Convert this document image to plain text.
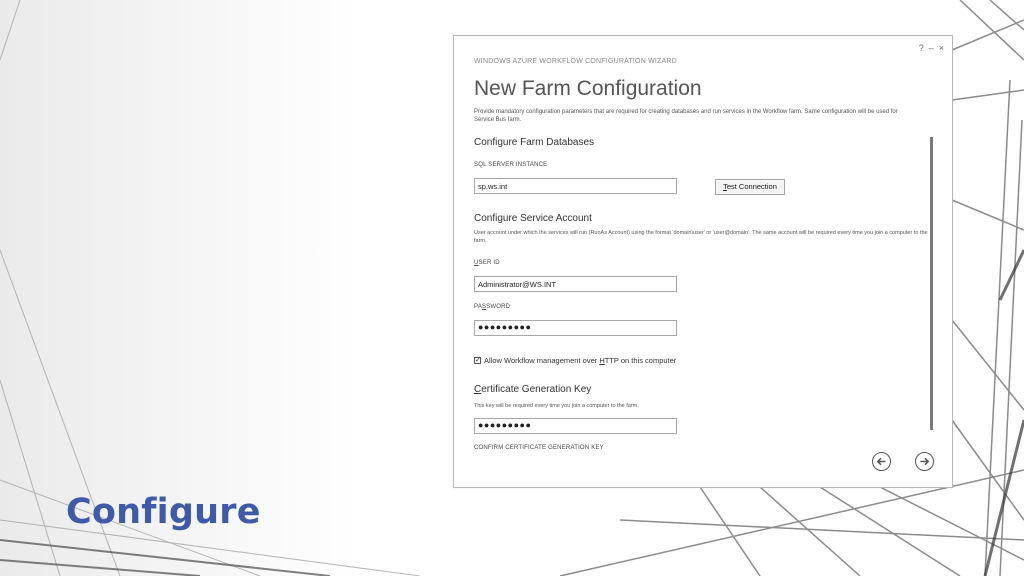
Configure
? – ×
WINDOWS AZURE WORKFLOW CONFIGURATION WIZARD
New Farm Configuration
Provide mandatory configuration parameters that are required for creating databases and run services in the Workflow farm. Same configuration will be used for Service Bus farm.
Configure Farm Databases
SQL SERVER INSTANCE
sp.ws.int	Test Connection
Configure Service Account
User account under which the services will run (RunAs Account) using the format 'domain\user' or 'user@domain'. The same account will be required every time you join a computer to the farm.
USER ID
Administrator@WS.INT
PASSWORD
●●●●●●●●●
✓ Allow Workflow management over HTTP on this computer
Certificate Generation Key
This key will be required every time you join a computer to the farm.
●●●●●●●●●
CONFIRM CERTIFICATE GENERATION KEY
